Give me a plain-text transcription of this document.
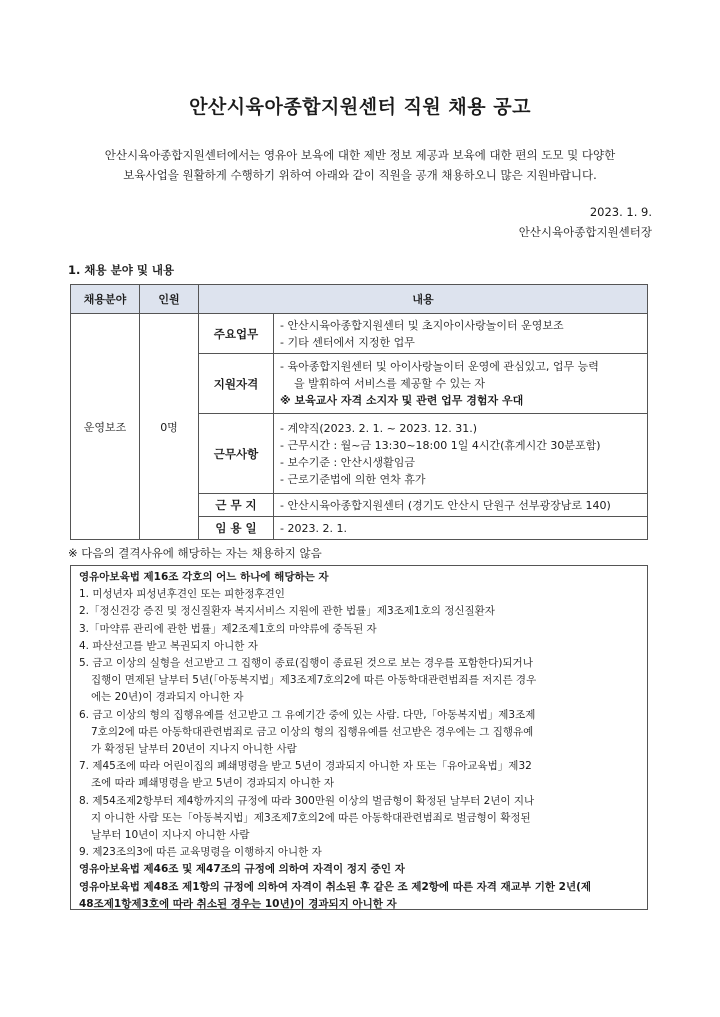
안산시육아종합지원센터 직원 채용 공고
안산시육아종합지원센터에서는 영유아 보육에 대한 제반 정보 제공과 보육에 대한 편의 도모 및 다양한
보육사업을 원활하게 수행하기 위하여 아래와 같이 직원을 공개 채용하오니 많은 지원바랍니다.
2023. 1. 9.
안산시육아종합지원센터장
1. 채용 분야 및 내용
채용분야	인원	내용	
운영보조	0명	주요업무	- 안산시육아종합지원센터 및 초지아이사랑놀이터 운영보조
- 기타 센터에서 지정한 업무

		지원자격	- 육아종합지원센터 및 아이사랑놀이터 운영에 관심있고, 업무 능력
을 발휘하여 서비스를 제공할 수 있는 자
※ 보육교사 자격 소지자 및 관련 업무 경험자 우대

		근무사항	- 계약직(2023. 2. 1. ~ 2023. 12. 31.)
- 근무시간 : 월~금 13:30~18:00 1일 4시간(휴게시간 30분포함)
- 보수기준 : 안산시생활임금
- 근로기준법에 의한 연차 휴가

		근 무 지	- 안산시육아종합지원센터 (경기도 안산시 단원구 선부광장남로 140)
		임 용 일	- 2023. 2. 1.
※ 다음의 결격사유에 해당하는 자는 채용하지 않음
영유아보육법 제16조 각호의 어느 하나에 해당하는 자
1. 미성년자 피성년후견인 또는 피한정후견인
2.「정신건강 증진 및 정신질환자 복지서비스 지원에 관한 법률」제3조제1호의 정신질환자
3.「마약류 관리에 관한 법률」제2조제1호의 마약류에 중독된 자
4. 파산선고를 받고 복권되지 아니한 자
5. 금고 이상의 실형을 선고받고 그 집행이 종료(집행이 종료된 것으로 보는 경우를 포함한다)되거나
집행이 면제된 날부터 5년(「아동복지법」제3조제7호의2에 따른 아동학대관련범죄를 저지른 경우
에는 20년)이 경과되지 아니한 자
6. 금고 이상의 형의 집행유예를 선고받고 그 유예기간 중에 있는 사람. 다만,「아동복지법」제3조제
7호의2에 따른 아동학대관련범죄로 금고 이상의 형의 집행유예를 선고받은 경우에는 그 집행유예
가 확정된 날부터 20년이 지나지 아니한 사람
7. 제45조에 따라 어린이집의 폐쇄명령을 받고 5년이 경과되지 아니한 자 또는「유아교육법」제32
조에 따라 폐쇄명령을 받고 5년이 경과되지 아니한 자
8. 제54조제2항부터 제4항까지의 규정에 따라 300만원 이상의 벌금형이 확정된 날부터 2년이 지나
지 아니한 사람 또는「아동복지법」제3조제7호의2에 따른 아동학대관련범죄로 벌금형이 확정된
날부터 10년이 지나지 아니한 사람
9. 제23조의3에 따른 교육명령을 이행하지 아니한 자
영유아보육법 제46조 및 제47조의 규정에 의하여 자격이 정지 중인 자
영유아보육법 제48조 제1항의 규정에 의하여 자격이 취소된 후 같은 조 제2항에 따른 자격 재교부 기한 2년(제
48조제1항제3호에 따라 취소된 경우는 10년)이 경과되지 아니한 자
